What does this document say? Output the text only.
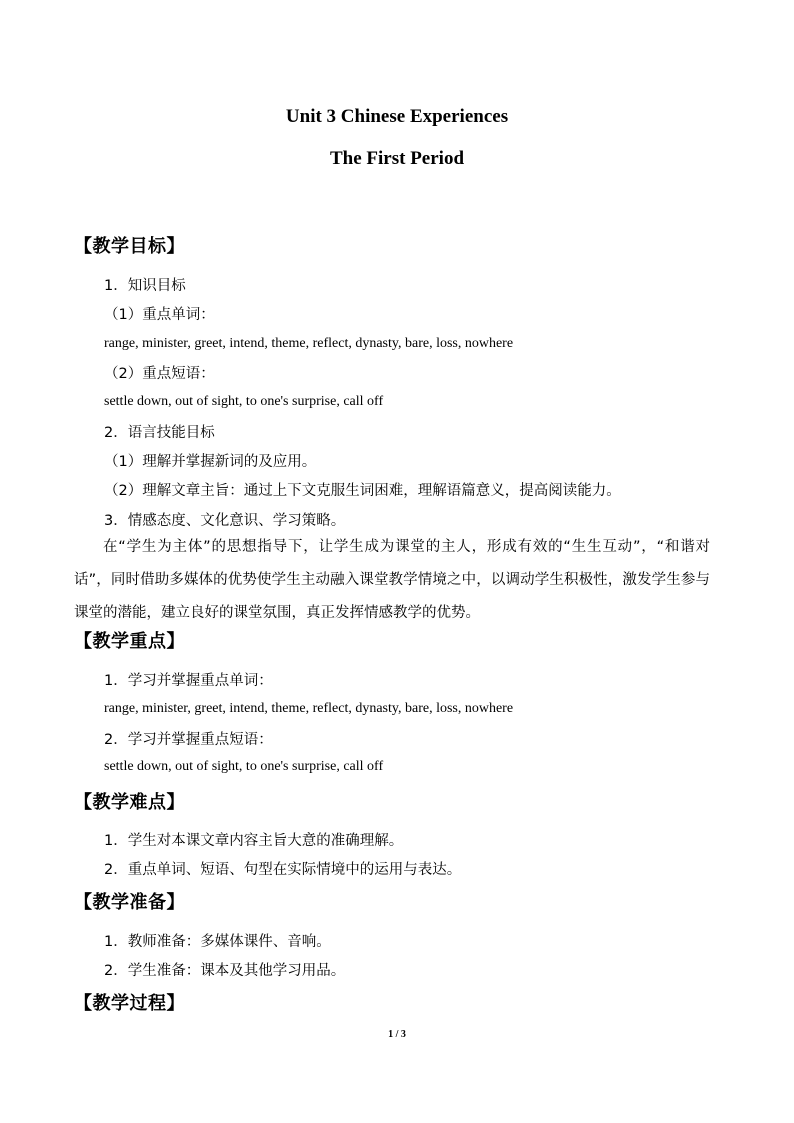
Unit 3 Chinese Experiences
The First Period
【教学目标】
1．知识目标
（1）重点单词：
range, minister, greet, intend, theme, reflect, dynasty, bare, loss, nowhere
（2）重点短语：
settle down, out of sight, to one's surprise, call off
2．语言技能目标
（1）理解并掌握新词的及应用。
（2）理解文章主旨：通过上下文克服生词困难，理解语篇意义，提高阅读能力。
3．情感态度、文化意识、学习策略。
在“学生为主体”的思想指导下，让学生成为课堂的主人，形成有效的“生生互动”，“和谐对话”，同时借助多媒体的优势使学生主动融入课堂教学情境之中，以调动学生积极性，激发学生参与课堂的潜能，建立良好的课堂氛围，真正发挥情感教学的优势。
【教学重点】
1．学习并掌握重点单词：
range, minister, greet, intend, theme, reflect, dynasty, bare, loss, nowhere
2．学习并掌握重点短语：
settle down, out of sight, to one's surprise, call off
【教学难点】
1．学生对本课文章内容主旨大意的准确理解。
2．重点单词、短语、句型在实际情境中的运用与表达。
【教学准备】
1．教师准备：多媒体课件、音响。
2．学生准备：课本及其他学习用品。
【教学过程】
1 / 3
